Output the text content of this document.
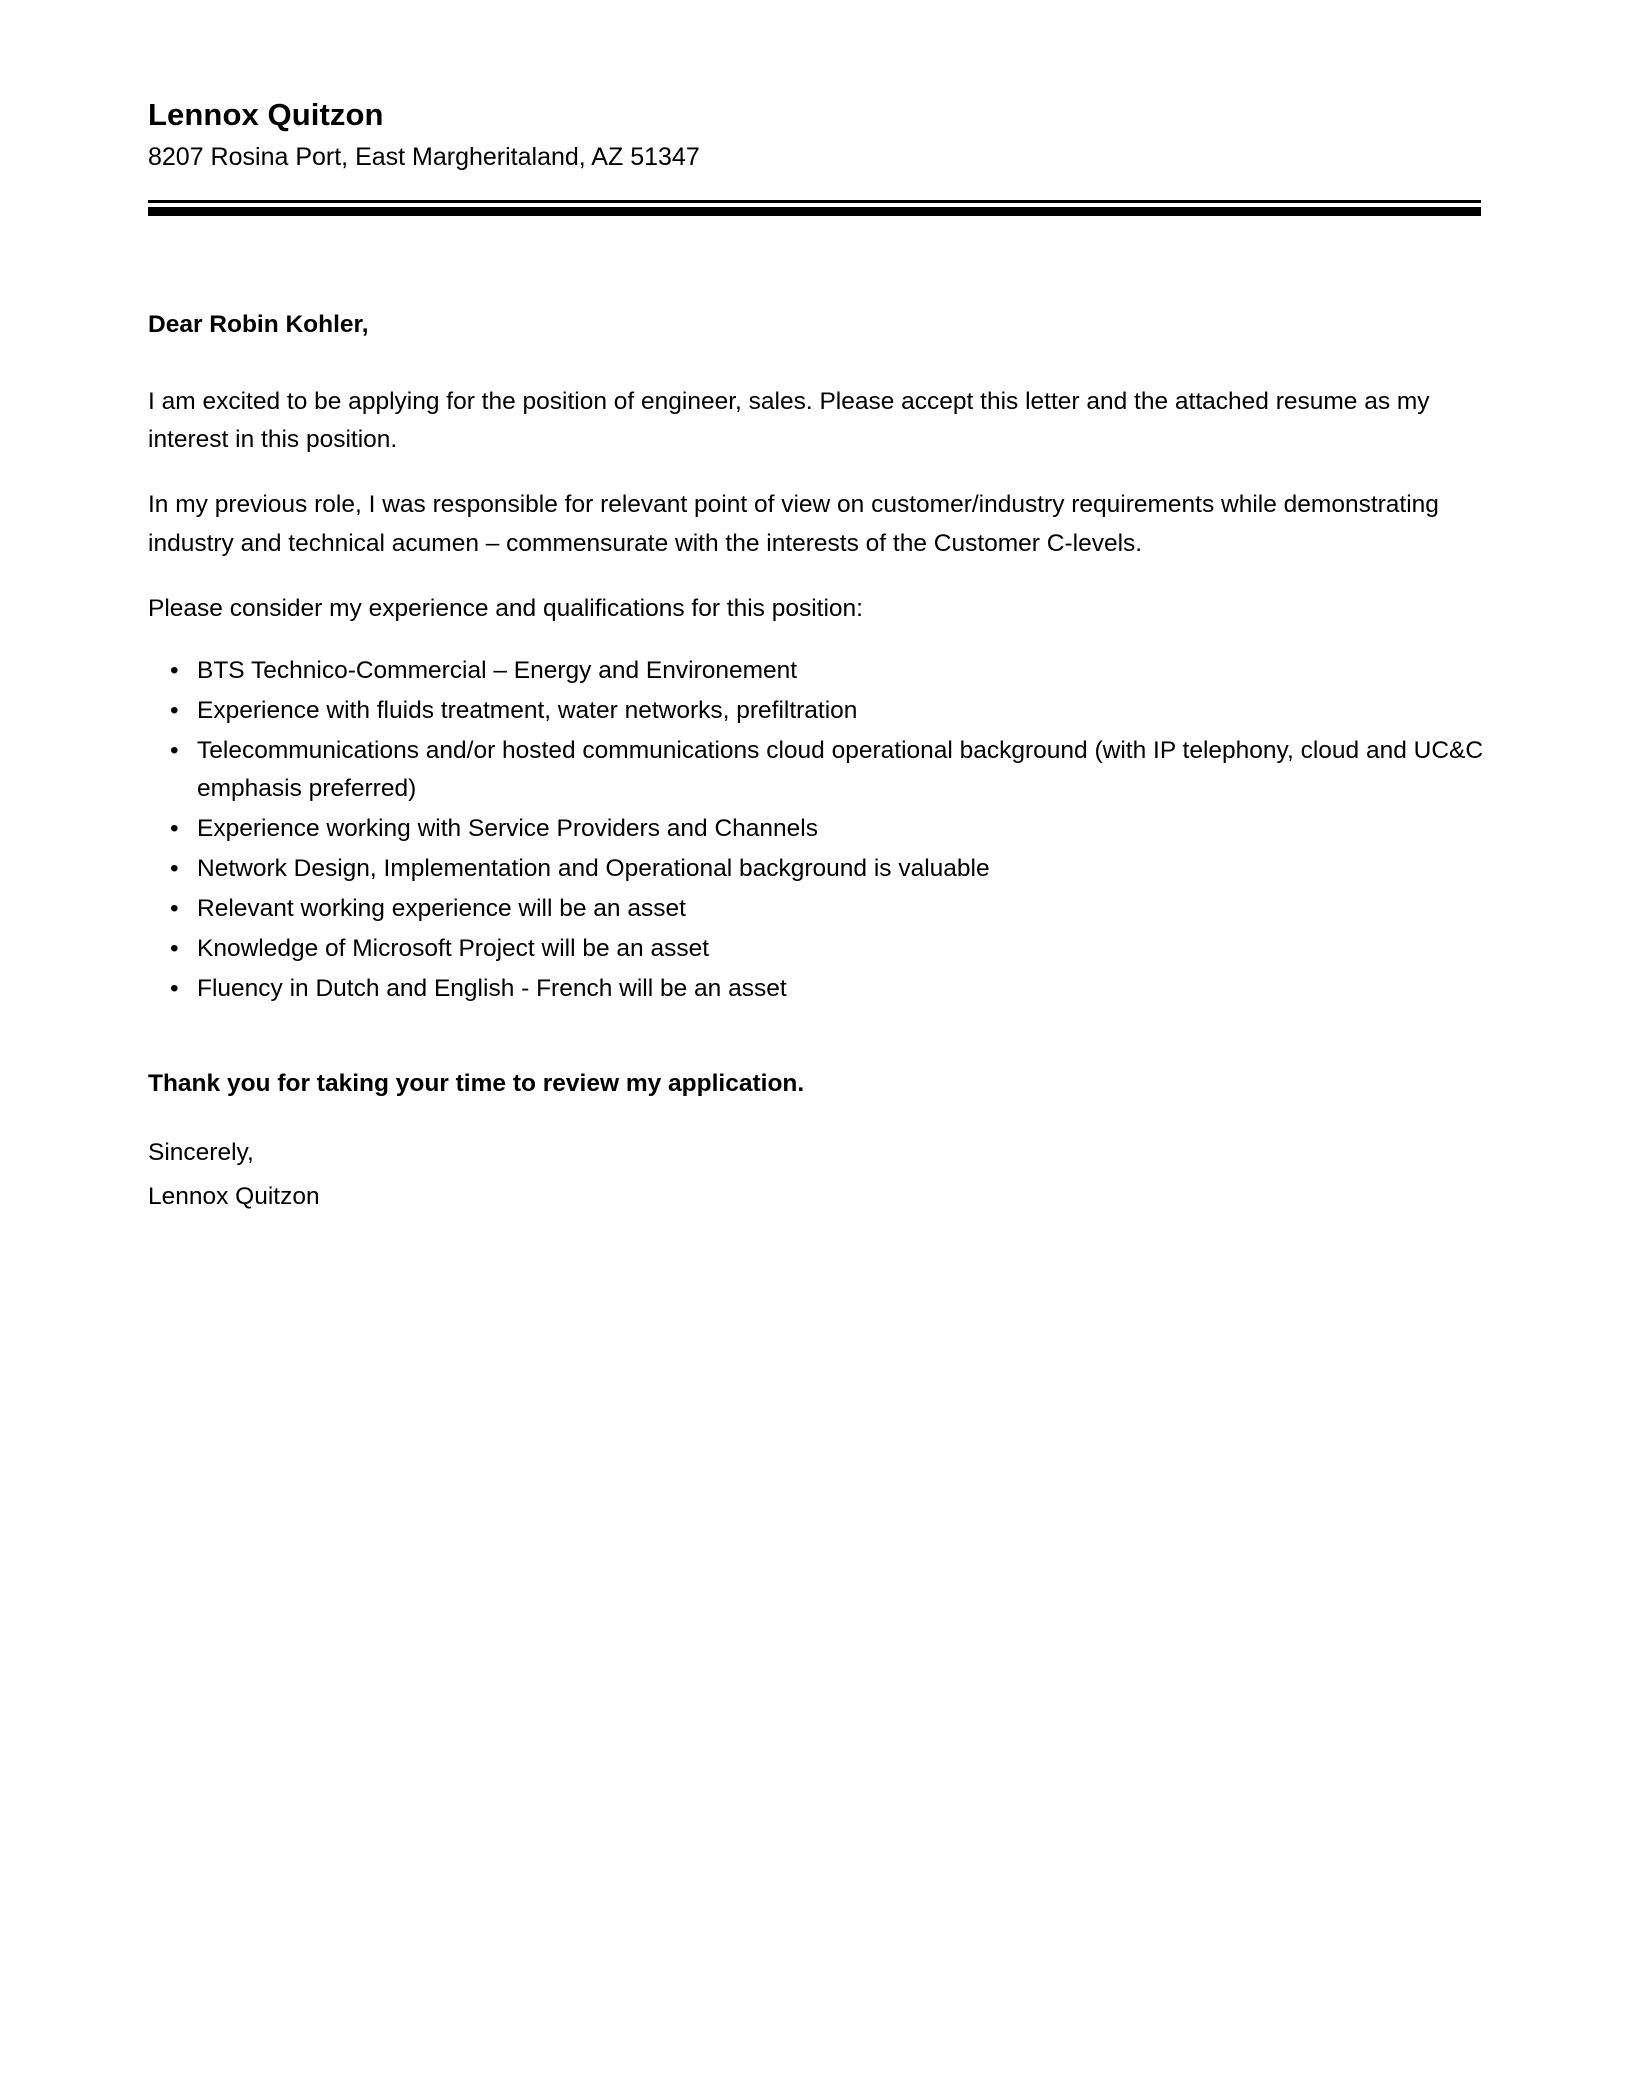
Lennox Quitzon
8207 Rosina Port, East Margheritaland, AZ 51347
Dear Robin Kohler,

I am excited to be applying for the position of engineer, sales. Please accept this letter and the attached resume as my interest in this position.

In my previous role, I was responsible for relevant point of view on customer/industry requirements while demonstrating industry and technical acumen – commensurate with the interests of the Customer C-levels.

Please consider my experience and qualifications for this position:

• BTS Technico-Commercial – Energy and Environement
• Experience with fluids treatment, water networks, prefiltration
• Telecommunications and/or hosted communications cloud operational background (with IP telephony, cloud and UC&C emphasis preferred)
• Experience working with Service Providers and Channels
• Network Design, Implementation and Operational background is valuable
• Relevant working experience will be an asset
• Knowledge of Microsoft Project will be an asset
• Fluency in Dutch and English - French will be an asset
Thank you for taking your time to review my application.
Sincerely,
Lennox Quitzon
